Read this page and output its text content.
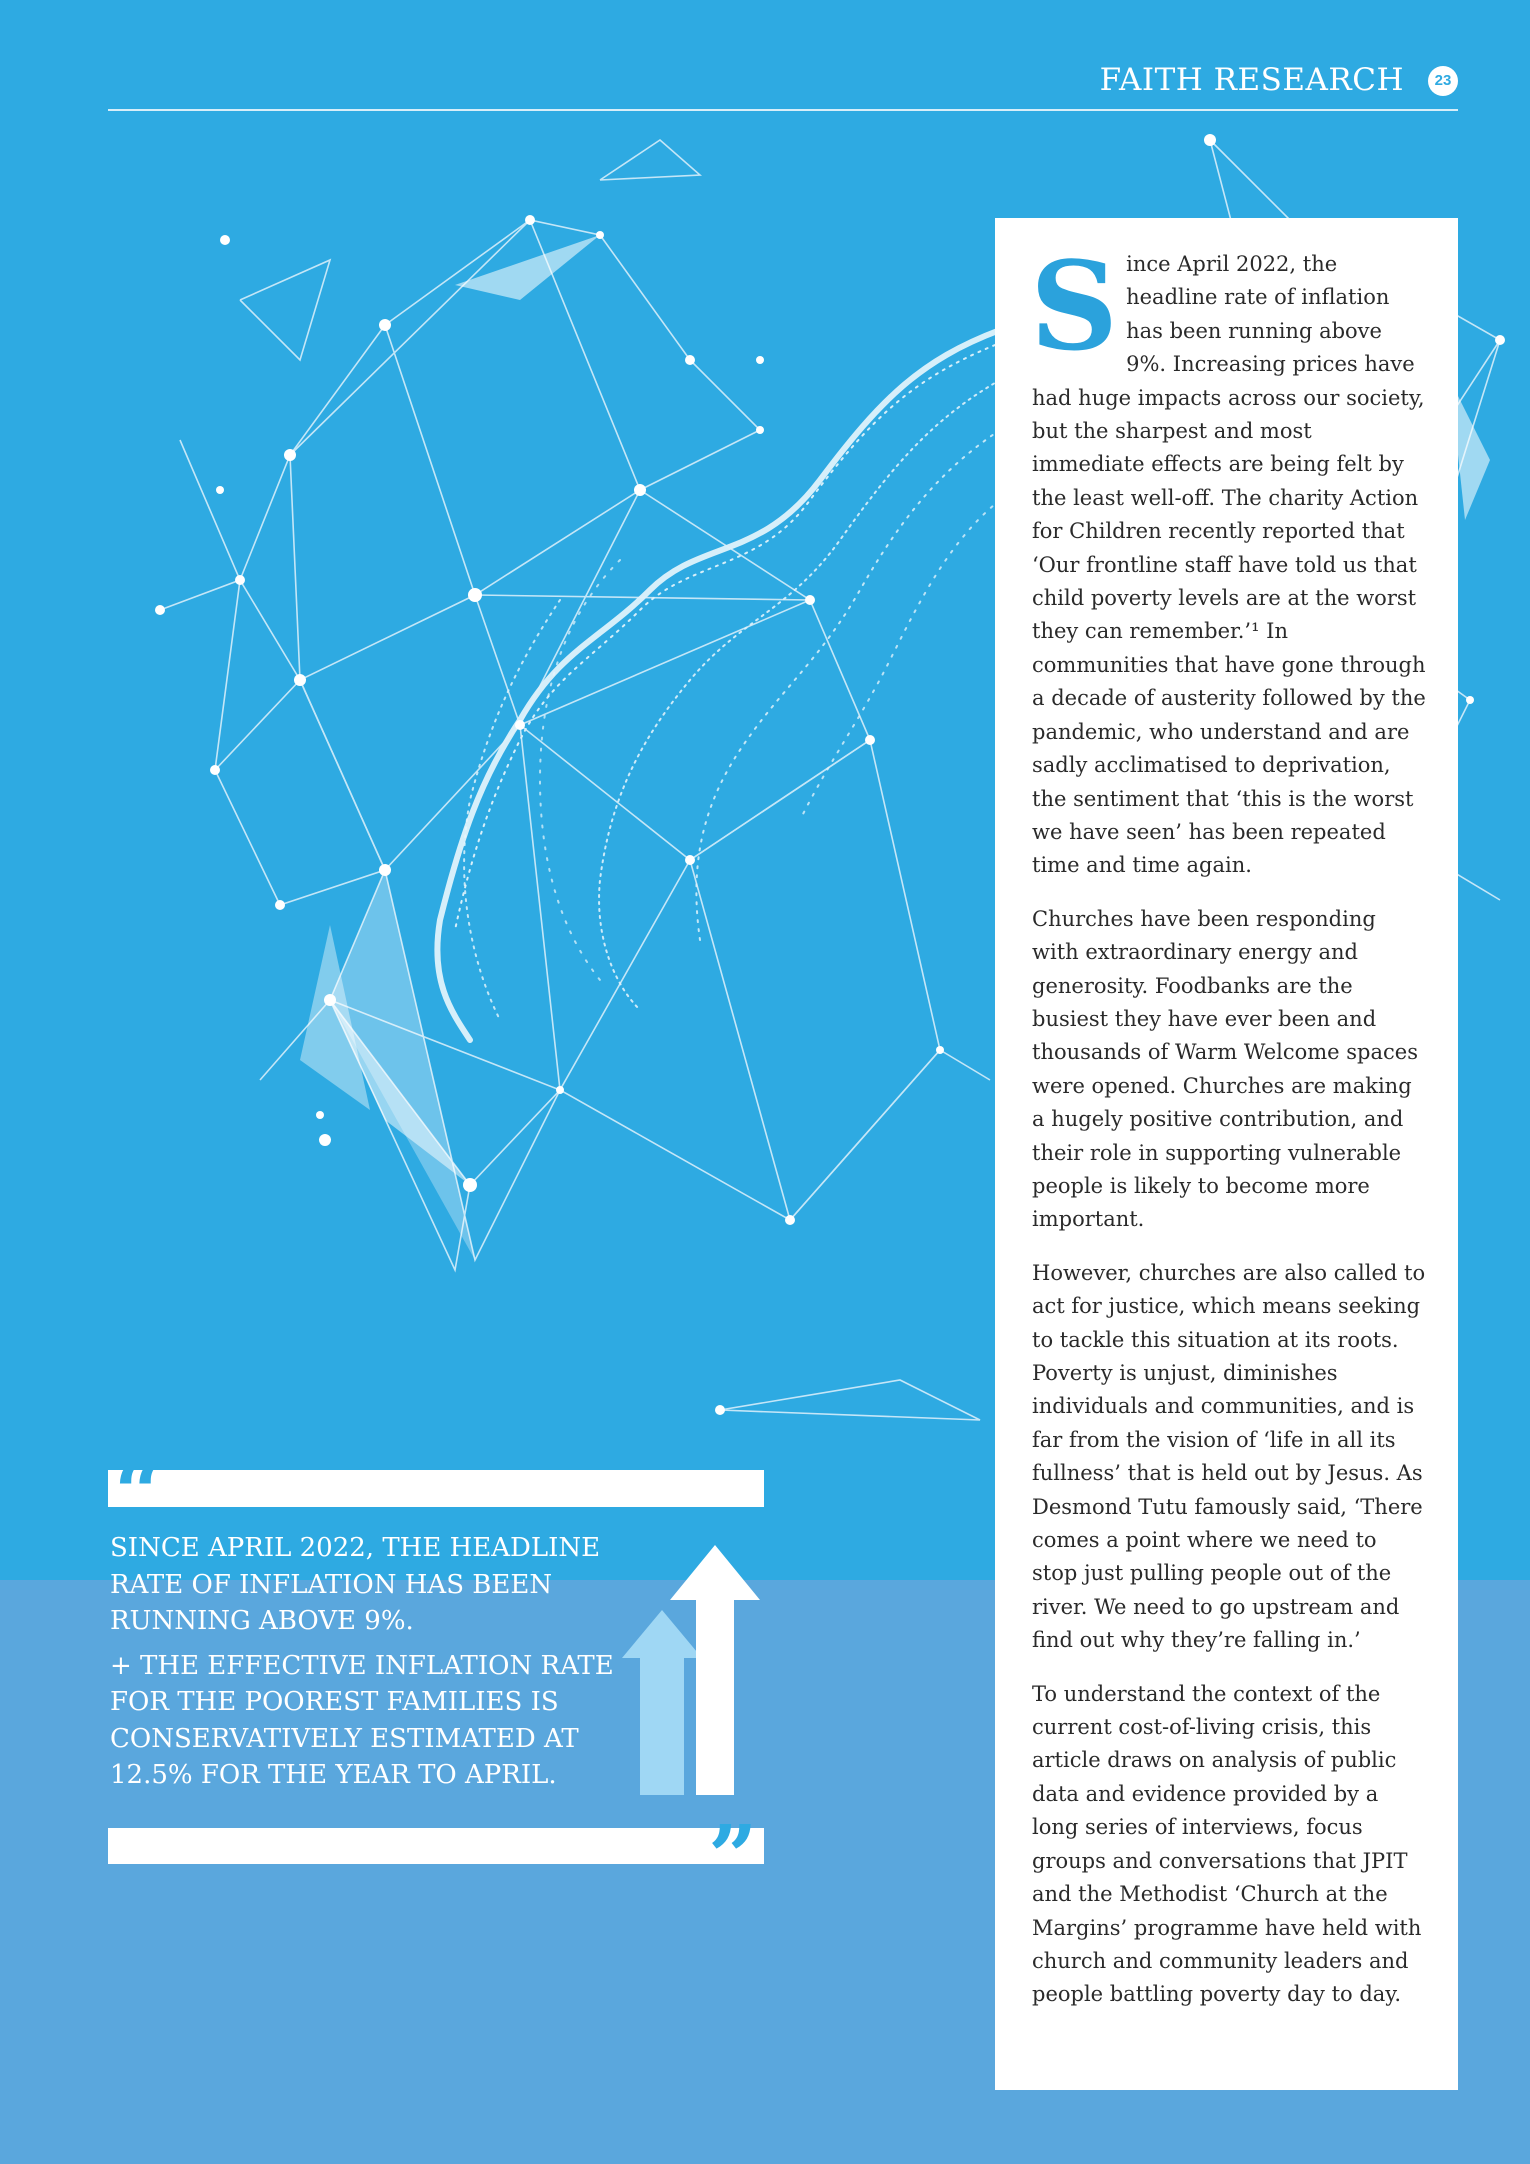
FAITH RESEARCH	23

Since April 2022, the headline rate of inflation has been running above 9%. Increasing prices have had huge impacts across our society, but the sharpest and most immediate effects are being felt by the least well-off. The charity Action for Children recently reported that ‘Our frontline staff have told us that child poverty levels are at the worst they can remember.’¹ In communities that have gone through a decade of austerity followed by the pandemic, who understand and are sadly acclimatised to deprivation, the sentiment that ‘this is the worst we have seen’ has been repeated time and time again.

Churches have been responding with extraordinary energy and generosity. Foodbanks are the busiest they have ever been and thousands of Warm Welcome spaces were opened. Churches are making a hugely positive contribution, and their role in supporting vulnerable people is likely to become more important.

However, churches are also called to act for justice, which means seeking to tackle this situation at its roots. Poverty is unjust, diminishes individuals and communities, and is far from the vision of ‘life in all its fullness’ that is held out by Jesus. As Desmond Tutu famously said, ‘There comes a point where we need to stop just pulling people out of the river. We need to go upstream and find out why they’re falling in.’

To understand the context of the current cost-of-living crisis, this article draws on analysis of public data and evidence provided by a long series of interviews, focus groups and conversations that JPIT and the Methodist ‘Church at the Margins’ programme have held with church and community leaders and people battling poverty day to day.

“

SINCE APRIL 2022, THE HEADLINE RATE OF INFLATION HAS BEEN RUNNING ABOVE 9%.

+ THE EFFECTIVE INFLATION RATE FOR THE POOREST FAMILIES IS CONSERVATIVELY ESTIMATED AT 12.5% FOR THE YEAR TO APRIL.

”
